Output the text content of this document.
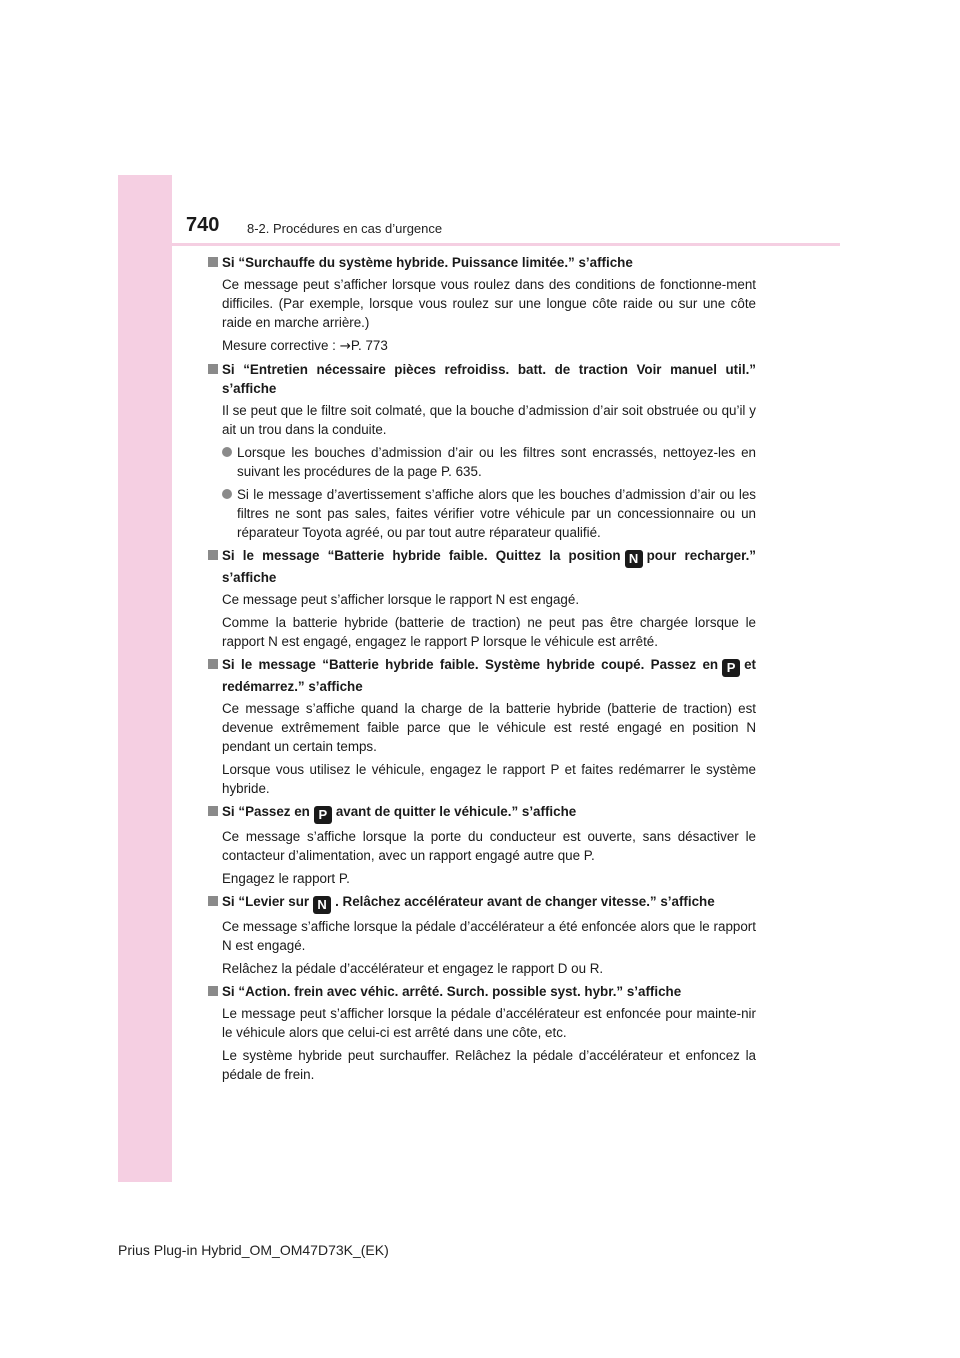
740 8-2. Procédures en cas d’urgence
Si “Surchauffe du système hybride. Puissance limitée.” s’affiche

Ce message peut s’afficher lorsque vous roulez dans des conditions de fonctionne-ment difficiles. (Par exemple, lorsque vous roulez sur une longue côte raide ou sur une côte raide en marche arrière.)

Mesure corrective : →P. 773

Si “Entretien nécessaire pièces refroidiss. batt. de traction Voir manuel util.” s’affiche

Il se peut que le filtre soit colmaté, que la bouche d’admission d’air soit obstruée ou qu’il y ait un trou dans la conduite.

Lorsque les bouches d’admission d’air ou les filtres sont encrassés, nettoyez-les en suivant les procédures de la page P. 635.
Si le message d’avertissement s’affiche alors que les bouches d’admission d’air ou les filtres ne sont pas sales, faites vérifier votre véhicule par un concessionnaire ou un réparateur Toyota agréé, ou par tout autre réparateur qualifié.
Si le message “Batterie hybride faible. Quittez la position N pour recharger.” s’affiche

Ce message peut s’afficher lorsque le rapport N est engagé.

Comme la batterie hybride (batterie de traction) ne peut pas être chargée lorsque le rapport N est engagé, engagez le rapport P lorsque le véhicule est arrêté.

Si le message “Batterie hybride faible. Système hybride coupé. Passez en P et redémarrez.” s’affiche

Ce message s’affiche quand la charge de la batterie hybride (batterie de traction) est devenue extrêmement faible parce que le véhicule est resté engagé en position N pendant un certain temps.

Lorsque vous utilisez le véhicule, engagez le rapport P et faites redémarrer le système hybride.

Si “Passez en P avant de quitter le véhicule.” s’affiche

Ce message s’affiche lorsque la porte du conducteur est ouverte, sans désactiver le contacteur d’alimentation, avec un rapport engagé autre que P.

Engagez le rapport P.

Si “Levier sur N . Relâchez accélérateur avant de changer vitesse.” s’affiche

Ce message s’affiche lorsque la pédale d’accélérateur a été enfoncée alors que le rapport N est engagé.

Relâchez la pédale d’accélérateur et engagez le rapport D ou R.

Si “Action. frein avec véhic. arrêté. Surch. possible syst. hybr.” s’affiche

Le message peut s’afficher lorsque la pédale d’accélérateur est enfoncée pour mainte-nir le véhicule alors que celui-ci est arrêté dans une côte, etc.

Le système hybride peut surchauffer. Relâchez la pédale d’accélérateur et enfoncez la pédale de frein.

Prius Plug-in Hybrid_OM_OM47D73K_(EK)
